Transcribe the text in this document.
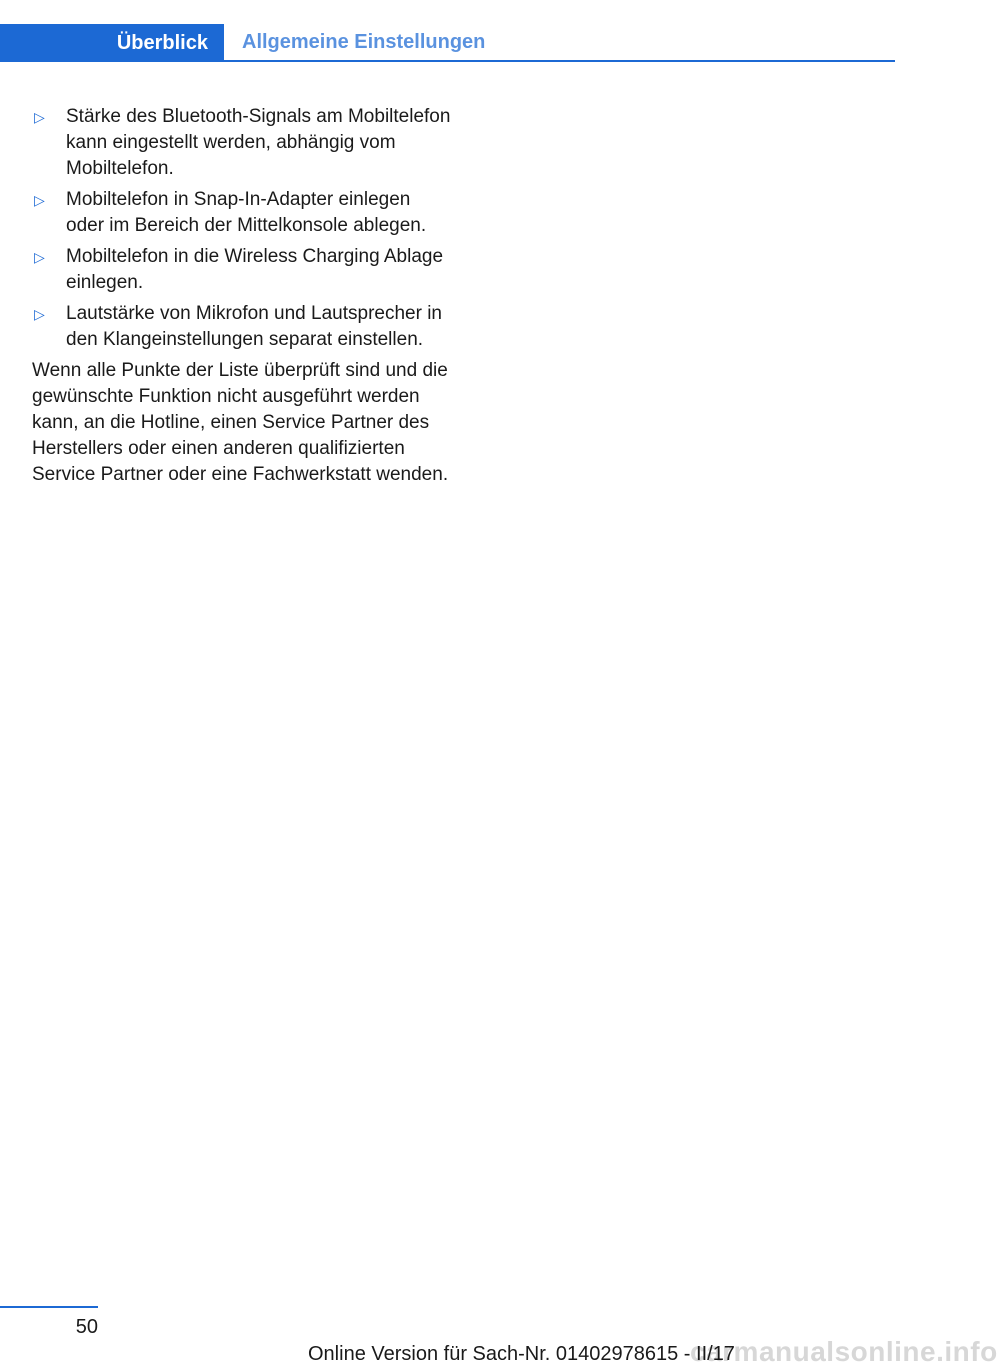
Überblick	Allgemeine Einstellungen
▷	Stärke des Bluetooth-Signals am Mobiltelefon kann eingestellt werden, abhängig vom Mobiltelefon.
▷	Mobiltelefon in Snap-In-Adapter einlegen oder im Bereich der Mittelkonsole ablegen.
▷	Mobiltelefon in die Wireless Charging Ablage einlegen.
▷	Lautstärke von Mikrofon und Lautsprecher in den Klangeinstellungen separat einstellen.
Wenn alle Punkte der Liste überprüft sind und die gewünschte Funktion nicht ausgeführt werden kann, an die Hotline, einen Service Partner des Herstellers oder einen anderen qualifizierten Service Partner oder eine Fachwerkstatt wenden.
50
carmanualsonline.info
Online Version für Sach-Nr. 01402978615 - II/17
